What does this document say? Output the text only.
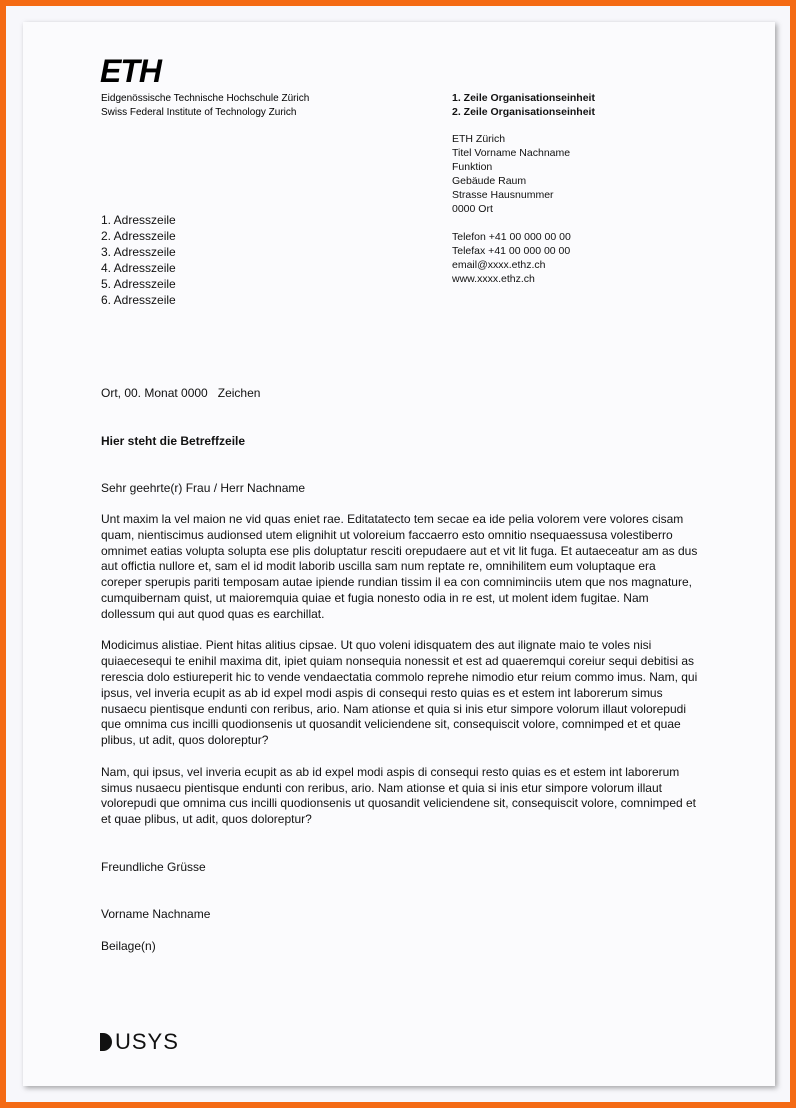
ETH
Eidgenössische Technische Hochschule Zürich
Swiss Federal Institute of Technology Zurich
1. Zeile Organisationseinheit
2. Zeile Organisationseinheit
ETH Zürich
Titel Vorname Nachname
Funktion
Gebäude Raum
Strasse Hausnummer
0000 Ort
Telefon +41 00 000 00 00
Telefax +41 00 000 00 00
email@xxxx.ethz.ch
www.xxxx.ethz.ch
1. Adresszeile
2. Adresszeile
3. Adresszeile
4. Adresszeile
5. Adresszeile
6. Adresszeile
Ort, 00. Monat 0000 Zeichen
Hier steht die Betreffzeile
Sehr geehrte(r) Frau / Herr Nachname

Unt maxim la vel maion ne vid quas eniet rae. Editatatecto tem secae ea ide pelia volorem vere volores cisam quam, nientiscimus audionsed utem elignihit ut voloreium faccaerro esto omnitio nsequaessusa volestiberro omnimet eatias volupta solupta ese plis doluptatur resciti orepudaere aut et vit lit fuga. Et autaeceatur am as dus aut offictia nullore et, sam el id modit laborib uscilla sam num reptate re, omnihilitem eum voluptaque era coreper sperupis pariti temposam autae ipiende rundian tissim il ea con comniminciis utem que nos magnature, cumquibernam quist, ut maioremquia quiae et fugia nonesto odia in re est, ut molent idem fugitae. Nam dollessum qui aut quod quas es earchillat.

Modicimus alistiae. Pient hitas alitius cipsae. Ut quo voleni idisquatem des aut ilignate maio te voles nisi quiaecesequi te enihil maxima dit, ipiet quiam nonsequia nonessit et est ad quaeremqui coreiur sequi debitisi as reresciа dolo estiureperit hic to vende vendaectatia commolo reprehe nimodio etur reium commo imus. Nam, qui ipsus, vel inveria ecupit as ab id expel modi aspis di consequi resto quias es et estem int laborerum simus nusaecu pientisque endunti con reribus, ario. Nam ationse et quia si inis etur simpore volorum illaut volorepudi que omnima cus incilli quodionsenis ut quosandit veliciendene sit, consequiscit volore, comnimped et et quae plibus, ut adit, quos doloreptur?

Nam, qui ipsus, vel inveria ecupit as ab id expel modi aspis di consequi resto quias es et estem int laborerum simus nusaecu pientisque endunti con reribus, ario. Nam ationse et quia si inis etur simpore volorum illaut volorepudi que omnima cus incilli quodionsenis ut quosandit veliciendene sit, consequiscit volore, comnimped et et quae plibus, ut adit, quos doloreptur?

Freundliche Grüsse
Vorname Nachname
Beilage(n)
USYS
